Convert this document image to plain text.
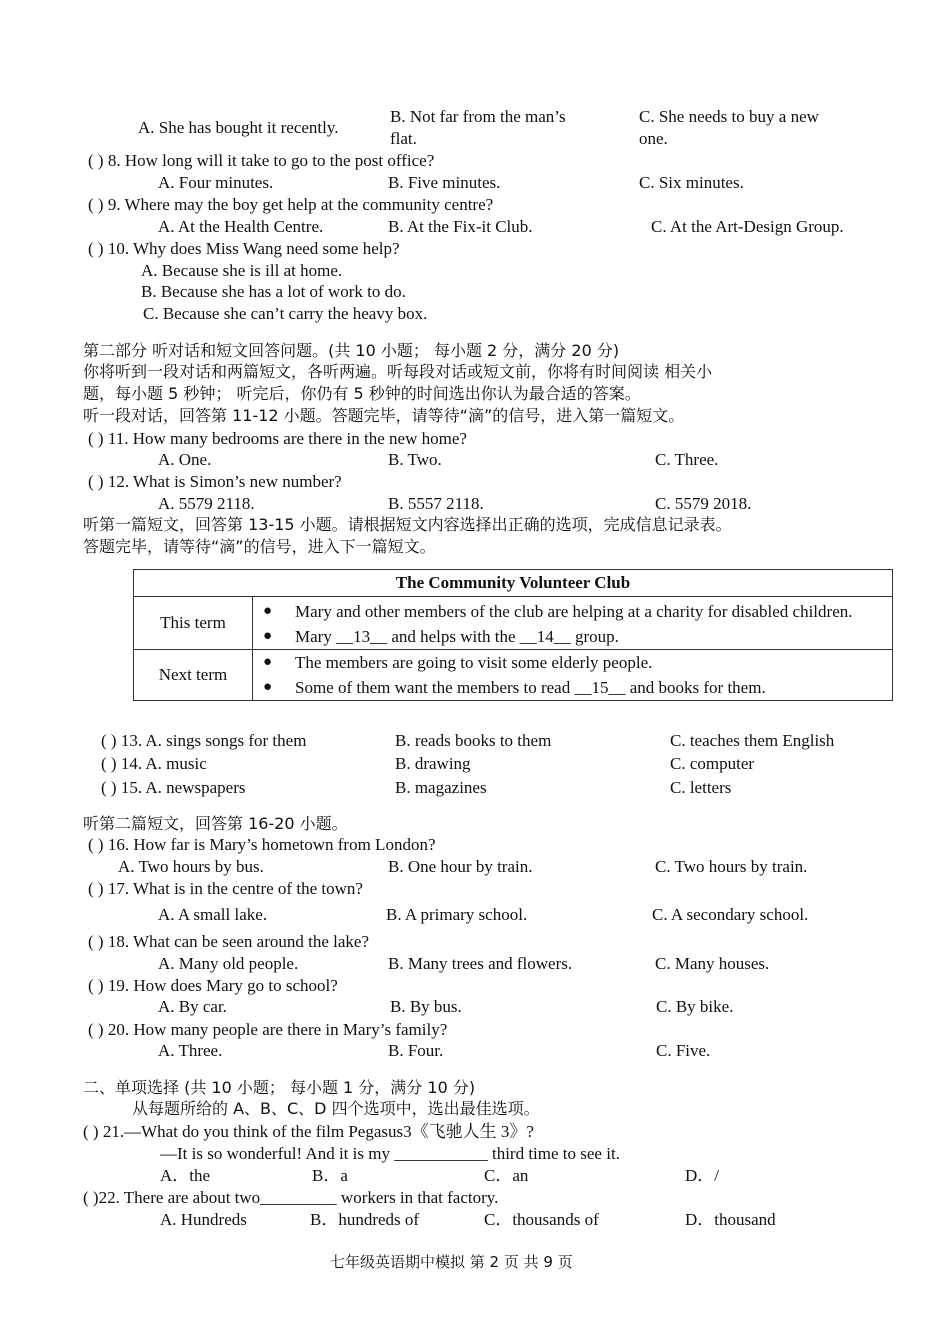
A. She has bought it recently.
B. Not far from the man’s
flat.
C. She needs to buy a new
one.
( ) 8. How long will it take to go to the post office?
A. Four minutes.	B. Five minutes.	C. Six minutes.
( ) 9. Where may the boy get help at the community centre?
A. At the Health Centre.	B. At the Fix-it Club.	C. At the Art-Design Group.
( ) 10. Why does Miss Wang need some help?
A. Because she is ill at home.
B. Because she has a lot of work to do.
C. Because she can’t carry the heavy box.
第二部分 听对话和短文回答问题。(共 10 小题； 每小题 2 分，满分 20 分)
你将听到一段对话和两篇短文，各听两遍。听每段对话或短文前，你将有时间阅读 相关小
题，每小题 5 秒钟； 听完后，你仍有 5 秒钟的时间选出你认为最合适的答案。
听一段对话，回答第 11-12 小题。答题完毕，请等待“滴”的信号，进入第一篇短文。
( ) 11. How many bedrooms are there in the new home?
A. One.	B. Two.	C. Three.
( ) 12. What is Simon’s new number?
A. 5579 2118.	B. 5557 2118.	C. 5579 2018.
听第一篇短文，回答第 13-15 小题。请根据短文内容选择出正确的选项，完成信息记录表。
答题完毕，请等待“滴”的信号，进入下一篇短文。
The Community Volunteer Club	
This term	● Mary and other members of the club are helping at a charity for disabled children.
● Mary __13__ and helps with the __14__ group.

Next term	● The members are going to visit some elderly people.
● Some of them want the members to read __15__ and books for them.
( ) 13. A. sings songs for them	B. reads books to them	C. teaches them English
( ) 14. A. music	B. drawing	C. computer
( ) 15. A. newspapers	B. magazines	C. letters
听第二篇短文，回答第 16-20 小题。
( ) 16. How far is Mary’s hometown from London?
A. Two hours by bus.	B. One hour by train.	C. Two hours by train.
( ) 17. What is in the centre of the town?
A. A small lake.	B. A primary school.	C. A secondary school.
( ) 18. What can be seen around the lake?
A. Many old people.	B. Many trees and flowers.	C. Many houses.
( ) 19. How does Mary go to school?
A. By car.	B. By bus.	C. By bike.
( ) 20. How many people are there in Mary’s family?
A. Three.	B. Four.	C. Five.
二、单项选择 (共 10 小题； 每小题 1 分，满分 10 分)
从每题所给的 A、B、C、D 四个选项中，选出最佳选项。
( ) 21.—What do you think of the film Pegasus3《飞驰人生 3》?
—It is so wonderful! And it is my ___________ third time to see it.
A．the	B．a	C．an	D．/
( )22. There are about two_________ workers in that factory.
A. Hundreds	B．hundreds of	C．thousands of	D．thousand
七年级英语期中模拟 第 2 页 共 9 页
